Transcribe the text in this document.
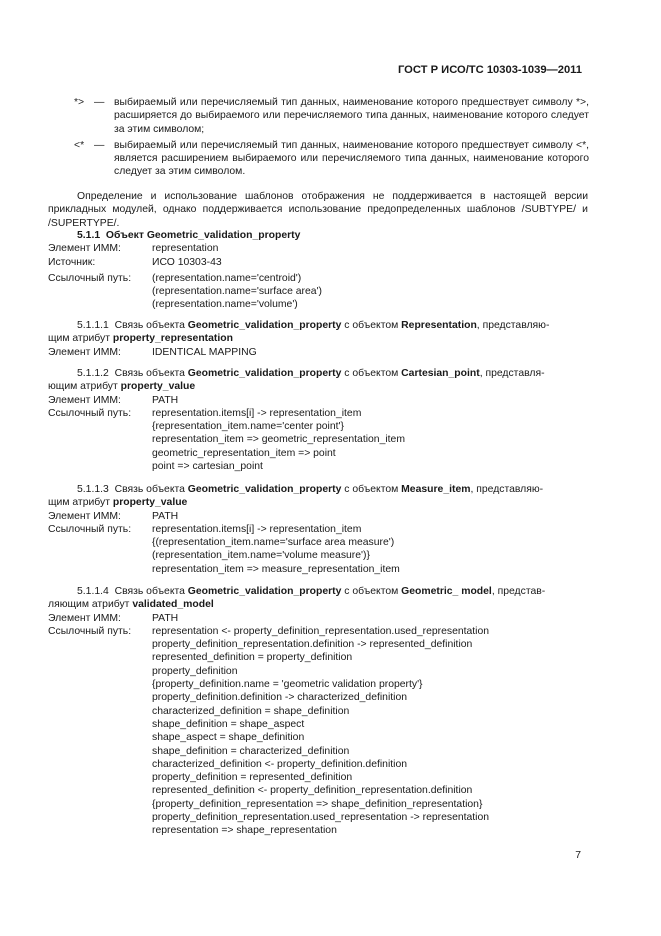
ГОСТ Р ИСО/ТС 10303-1039—2011
*> — выбираемый или перечисляемый тип данных, наименование которого предшествует символу *>, расширяется до выбираемого или перечисляемого типа данных, наименование которого следует за этим символом;
<* — выбираемый или перечисляемый тип данных, наименование которого предшествует символу <*, является расширением выбираемого или перечисляемого типа данных, наименование которого следует за этим символом.
Определение и использование шаблонов отображения не поддерживается в настоящей версии прикладных модулей, однако поддерживается использование предопределенных шаблонов /SUBTYPE/ и /SUPERTYPE/.
5.1.1 Объект Geometric_validation_property
Элемент ИММ:	representation
Источник:	ИСО 10303-43
Ссылочный путь:	(representation.name='centroid')
(representation.name='surface area')
(representation.name='volume')
5.1.1.1 Связь объекта Geometric_validation_property с объектом Representation, представляю-
щим атрибут property_representation
Элемент ИММ:	IDENTICAL MAPPING
5.1.1.2 Связь объекта Geometric_validation_property с объектом Cartesian_point, представля-
ющим атрибут property_value
Элемент ИММ:	PATH
Ссылочный путь:	representation.items[i] -> representation_item
{representation_item.name='center point'}
representation_item => geometric_representation_item
geometric_representation_item => point
point => cartesian_point
5.1.1.3 Связь объекта Geometric_validation_property с объектом Measure_item, представляю-
щим атрибут property_value
Элемент ИММ:	PATH
Ссылочный путь:	representation.items[i] -> representation_item
{(representation_item.name='surface area measure')
(representation_item.name='volume measure')}
representation_item => measure_representation_item
5.1.1.4 Связь объекта Geometric_validation_property с объектом Geometric_ model, представ-
ляющим атрибут validated_model
Элемент ИММ:	PATH
Ссылочный путь:	representation <- property_definition_representation.used_representation
property_definition_representation.definition -> represented_definition
represented_definition = property_definition
property_definition
{property_definition.name = 'geometric validation property'}
property_definition.definition -> characterized_definition
characterized_definition = shape_definition
shape_definition = shape_aspect
shape_aspect = shape_definition
shape_definition = characterized_definition
characterized_definition <- property_definition.definition
property_definition = represented_definition
represented_definition <- property_definition_representation.definition
{property_definition_representation => shape_definition_representation}
property_definition_representation.used_representation -> representation
representation => shape_representation
7
